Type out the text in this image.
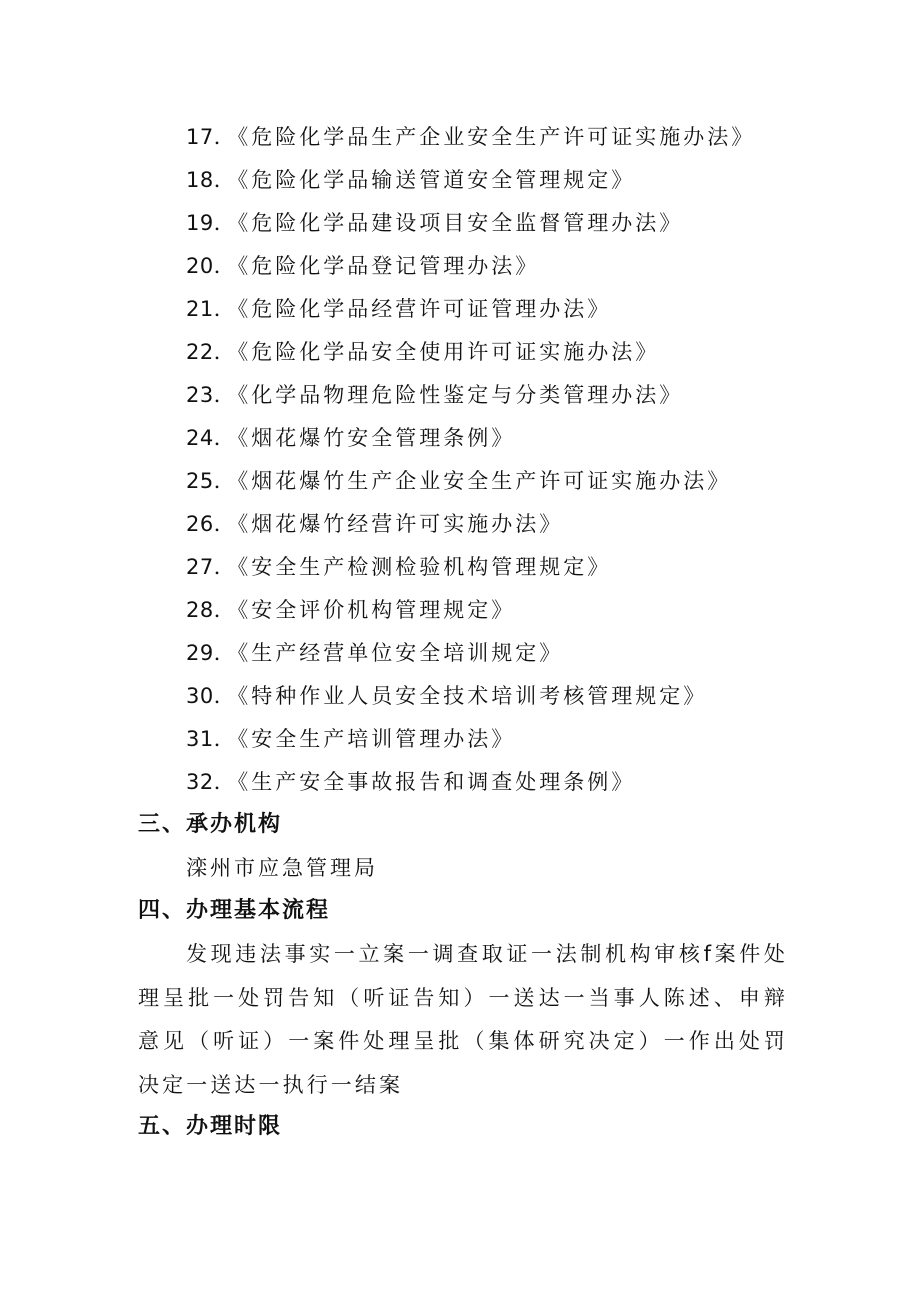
17．《危险化学品生产企业安全生产许可证实施办法》
18．《危险化学品输送管道安全管理规定》
19．《危险化学品建设项目安全监督管理办法》
20．《危险化学品登记管理办法》
21．《危险化学品经营许可证管理办法》
22．《危险化学品安全使用许可证实施办法》
23．《化学品物理危险性鉴定与分类管理办法》
24．《烟花爆竹安全管理条例》
25．《烟花爆竹生产企业安全生产许可证实施办法》
26．《烟花爆竹经营许可实施办法》
27．《安全生产检测检验机构管理规定》
28．《安全评价机构管理规定》
29．《生产经营单位安全培训规定》
30．《特种作业人员安全技术培训考核管理规定》
31．《安全生产培训管理办法》
32．《生产安全事故报告和调查处理条例》
三、承办机构
滦州市应急管理局
四、办理基本流程

发现违法事实一立案一调查取证一法制机构审核f案件处理呈批一处罚告知（听证告知）一送达一当事人陈述、申辩意见（听证）一案件处理呈批（集体研究决定）一作出处罚决定一送达一执行一结案

五、办理时限
